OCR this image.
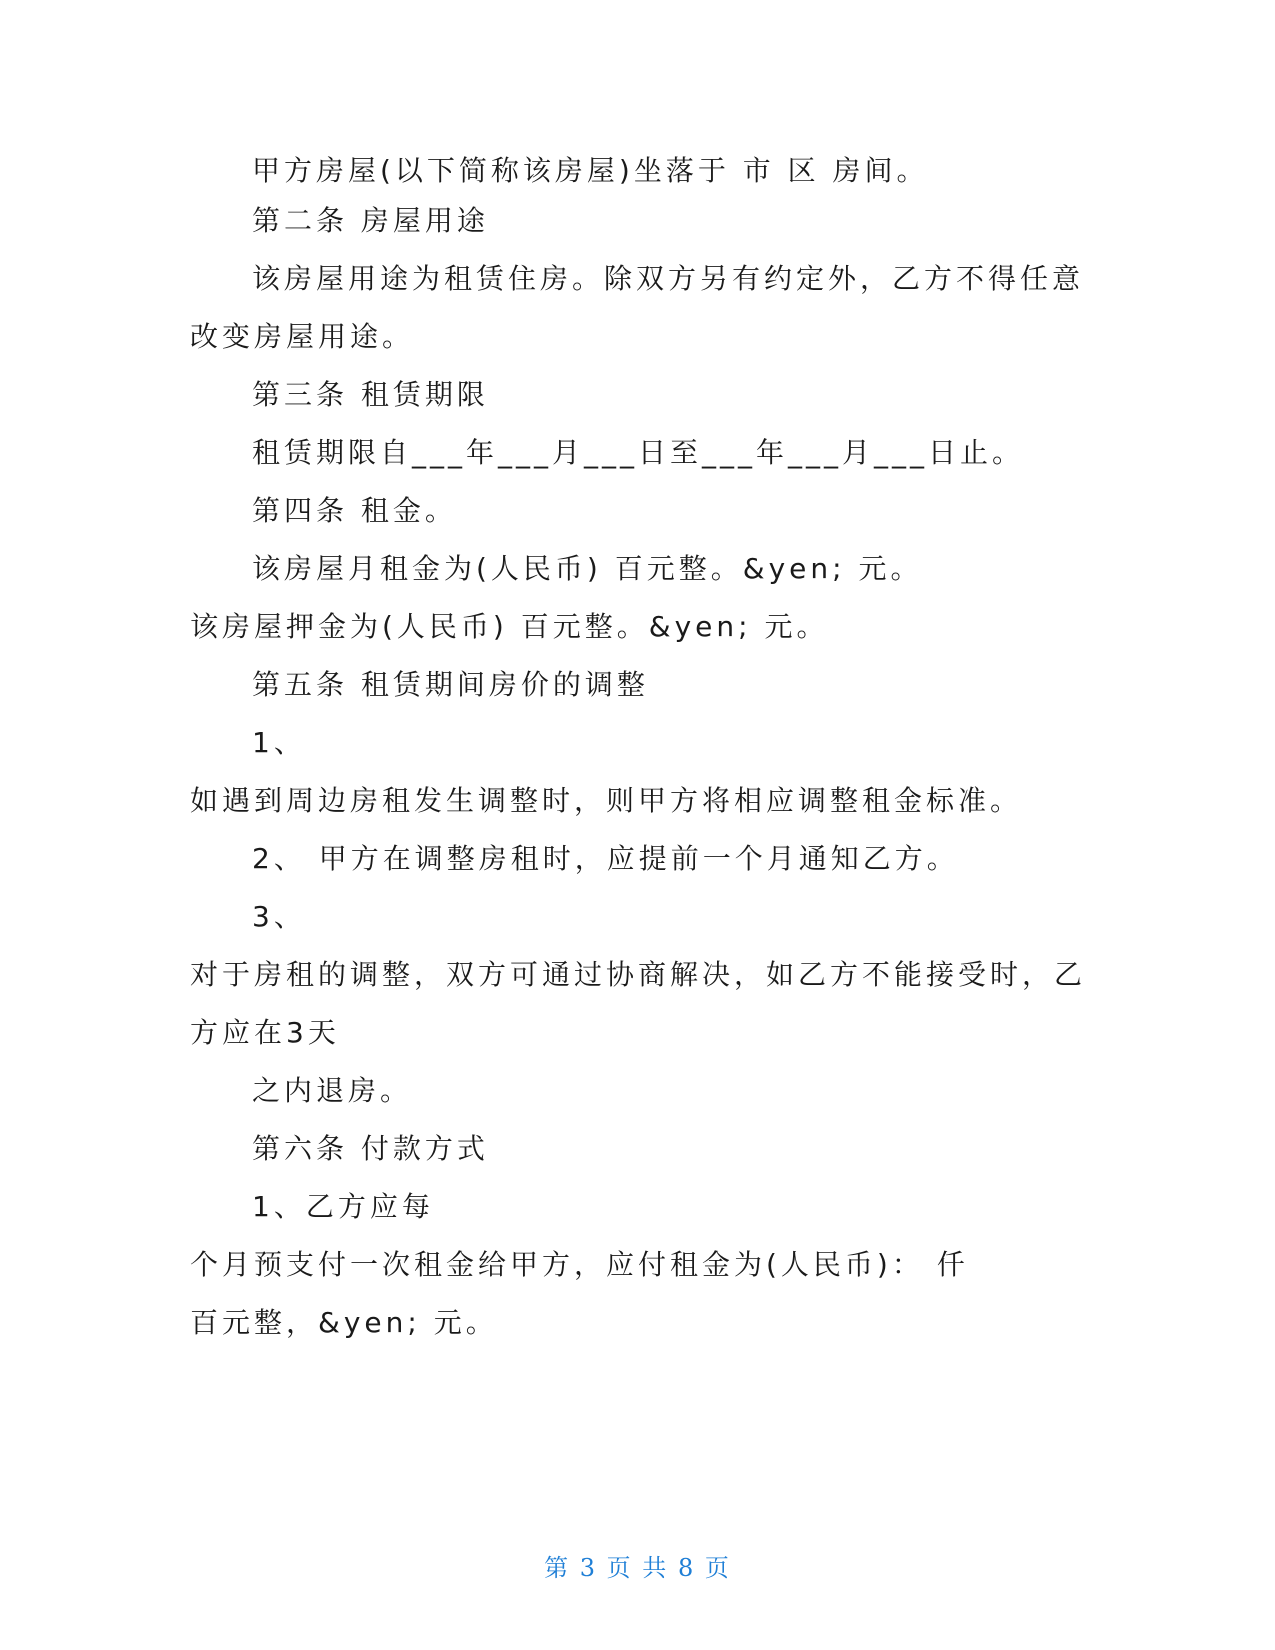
甲方房屋(以下简称该房屋)坐落于 市 区 房间。
第二条 房屋用途
该房屋用途为租赁住房。除双方另有约定外，乙方不得任意
改变房屋用途。
第三条 租赁期限
租赁期限自___年___月___日至___年___月___日止。
第四条 租金。
该房屋月租金为(人民币) 百元整。&yen; 元。
该房屋押金为(人民币) 百元整。&yen; 元。
第五条 租赁期间房价的调整
1、
如遇到周边房租发生调整时，则甲方将相应调整租金标准。
2、 甲方在调整房租时，应提前一个月通知乙方。
3、
对于房租的调整，双方可通过协商解决，如乙方不能接受时，乙
方应在3天
之内退房。
第六条 付款方式
1、乙方应每
个月预支付一次租金给甲方，应付租金为(人民币)： 仟
百元整，&yen; 元。
第 3 页 共 8 页
